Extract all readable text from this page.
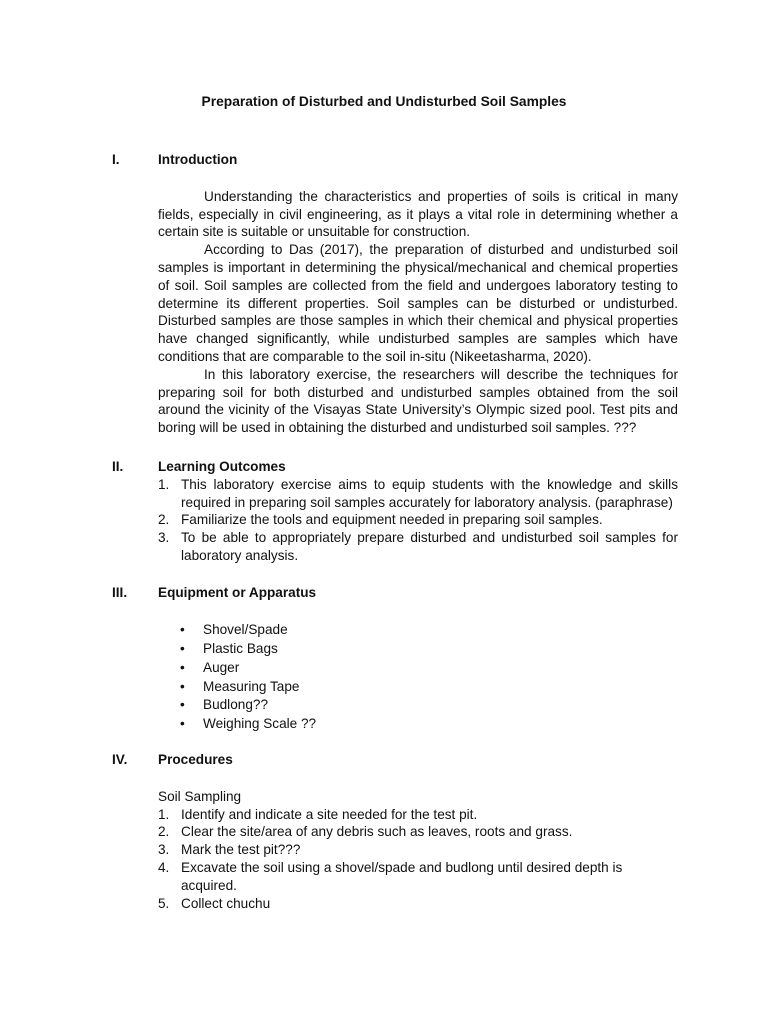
Preparation of Disturbed and Undisturbed Soil Samples
I.	Introduction

Understanding the characteristics and properties of soils is critical in many fields, especially in civil engineering, as it plays a vital role in determining whether a certain site is suitable or unsuitable for construction.

According to Das (2017), the preparation of disturbed and undisturbed soil samples is important in determining the physical/mechanical and chemical properties of soil. Soil samples are collected from the field and undergoes laboratory testing to determine its different properties. Soil samples can be disturbed or undisturbed. Disturbed samples are those samples in which their chemical and physical properties have changed significantly, while undisturbed samples are samples which have conditions that are comparable to the soil in-situ (Nikeetasharma, 2020).

In this laboratory exercise, the researchers will describe the techniques for preparing soil for both disturbed and undisturbed samples obtained from the soil around the vicinity of the Visayas State University’s Olympic sized pool. Test pits and boring will be used in obtaining the disturbed and undisturbed soil samples. ???

II.	Learning Outcomes
1. This laboratory exercise aims to equip students with the knowledge and skills required in preparing soil samples accurately for laboratory analysis. (paraphrase)
2. Familiarize the tools and equipment needed in preparing soil samples.
3. To be able to appropriately prepare disturbed and undisturbed soil samples for laboratory analysis.
III.	Equipment or Apparatus
•	Shovel/Spade
•	Plastic Bags
•	Auger
•	Measuring Tape
•	Budlong??
•	Weighing Scale ??
IV.	Procedures

Soil Sampling

1. Identify and indicate a site needed for the test pit.
2. Clear the site/area of any debris such as leaves, roots and grass.
3. Mark the test pit???
4. Excavate the soil using a shovel/spade and budlong until desired depth is acquired.
5. Collect chuchu
